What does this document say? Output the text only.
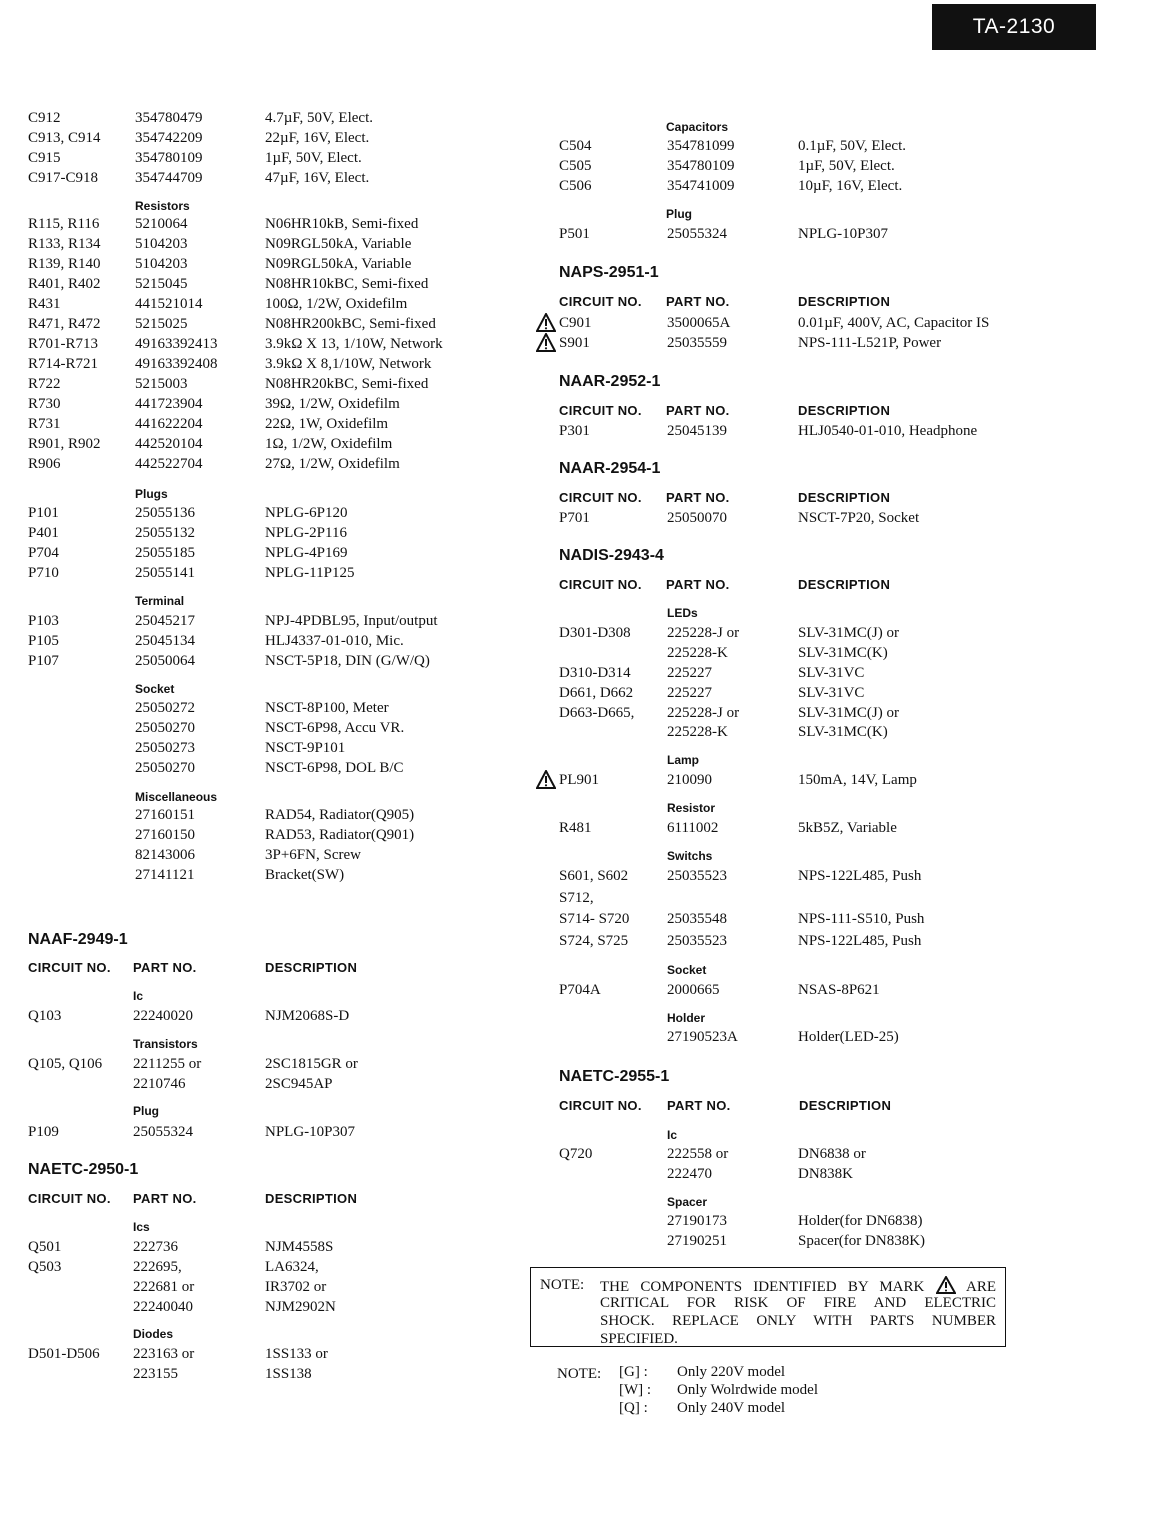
TA-2130
C912	354780479	4.7µF, 50V, Elect.
C913, C914 354742209	22µF, 16V, Elect.
C915	354780109	1µF, 50V, Elect.
C917-C918 354744709	47µF, 16V, Elect.
Resistors
R115, R116 5210064	N06HR10kB, Semi-fixed
R133, R134 5104203	N09RGL50kA, Variable
R139, R140 5104203	N09RGL50kA, Variable
R401, R402 5215045	N08HR10kBC, Semi-fixed
R431	441521014	100Ω, 1/2W, Oxidefilm
R471, R472 5215025	N08HR200kBC, Semi-fixed
R701-R713 49163392413	3.9kΩ X 13, 1/10W, Network
R714-R721 49163392408	3.9kΩ X 8,1/10W, Network
R722	5215003	N08HR20kBC, Semi-fixed
R730	441723904	39Ω, 1/2W, Oxidefilm
R731	441622204	22Ω, 1W, Oxidefilm
R901, R902 442520104	1Ω, 1/2W, Oxidefilm
R906	442522704	27Ω, 1/2W, Oxidefilm
Plugs
P101	25055136	NPLG-6P120
P401	25055132	NPLG-2P116
P704	25055185	NPLG-4P169
P710	25055141	NPLG-11P125
Terminal
P103	25045217	NPJ-4PDBL95, Input/output
P105	25045134	HLJ4337-01-010, Mic.
P107	25050064	NSCT-5P18, DIN (G/W/Q)
Socket
25050272	NSCT-8P100, Meter
25050270	NSCT-6P98, Accu VR.
25050273	NSCT-9P101
25050270	NSCT-6P98, DOL B/C
Miscellaneous
27160151	RAD54, Radiator(Q905)
27160150	RAD53, Radiator(Q901)
82143006	3P+6FN, Screw
27141121	Bracket(SW)
NAAF-2949-1
CIRCUIT NO. PART NO.	DESCRIPTION
Ic
Q103	22240020	NJM2068S-D
Transistors
Q105, Q106 2211255 or	2SC1815GR or
2210746	2SC945AP
Plug
P109	25055324	NPLG-10P307
NAETC-2950-1
CIRCUIT NO. PART NO.	DESCRIPTION
Ics
Q501	222736	NJM4558S
Q503	222695,	LA6324,
222681 or	IR3702 or
22240040	NJM2902N
Diodes
D501-D506 223163 or	1SS133 or
223155	1SS138
Capacitors
C504	354781099	0.1µF, 50V, Elect.
C505	354780109	1µF, 50V, Elect.
C506	354741009	10µF, 16V, Elect.
Plug
P501	25055324	NPLG-10P307
NAPS-2951-1
CIRCUIT NO. PART NO.	DESCRIPTION
C901	3500065A	0.01µF, 400V, AC, Capacitor IS
S901	25035559	NPS-111-L521P, Power
NAAR-2952-1
CIRCUIT NO. PART NO.	DESCRIPTION
P301	25045139	HLJ0540-01-010, Headphone
NAAR-2954-1
CIRCUIT NO. PART NO.	DESCRIPTION
P701	25050070	NSCT-7P20, Socket
NADIS-2943-4
CIRCUIT NO. PART NO.	DESCRIPTION
LEDs
D301-D308 225228-J or	SLV-31MC(J) or
225228-K	SLV-31MC(K)
D310-D314 225227	SLV-31VC
D661, D662 225227	SLV-31VC
D663-D665, 225228-J or	SLV-31MC(J) or
225228-K	SLV-31MC(K)
Lamp
PL901	210090	150mA, 14V, Lamp
Resistor
R481	6111002	5kB5Z, Variable
Switchs
S601, S602	25035523	NPS-122L485, Push
S712,
S714- S720	25035548	NPS-111-S510, Push
S724, S725	25035523	NPS-122L485, Push
Socket
P704A	2000665	NSAS-8P621
Holder
27190523A	Holder(LED-25)
NAETC-2955-1
CIRCUIT NO. PART NO.	DESCRIPTION
Ic
Q720	222558 or	DN6838 or
222470	DN838K
Spacer
27190173	Holder(for DN6838)
27190251	Spacer(for DN838K)
NOTE: THE COMPONENTS IDENTIFIED BY MARK	ARE
CRITICAL FOR RISK OF FIRE AND ELECTRIC
SHOCK. REPLACE ONLY WITH PARTS NUMBER
SPECIFIED.
NOTE: [G] : Only 220V model
[W] : Only Wolrdwide model
[Q] : Only 240V model
